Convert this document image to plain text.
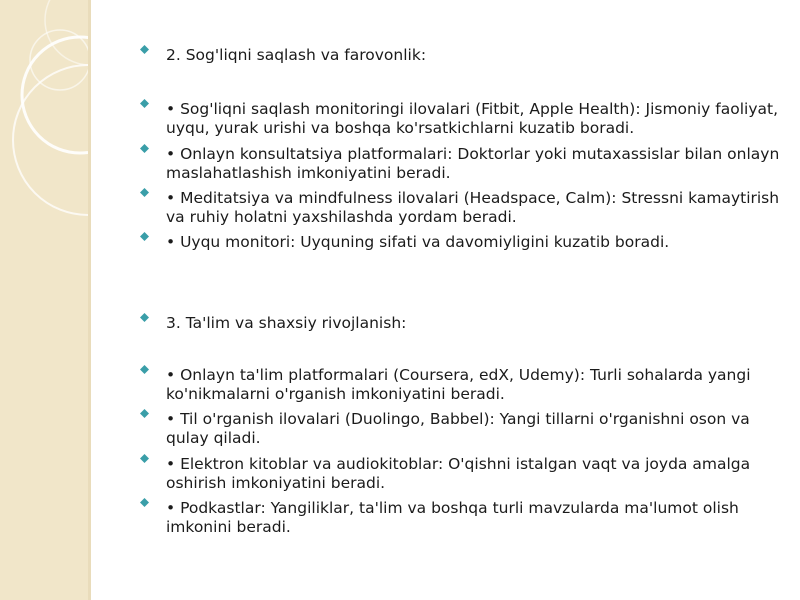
2. Sog'liqni saqlash va farovonlik:
• Sog'liqni saqlash monitoringi ilovalari (Fitbit, Apple Health): Jismoniy faoliyat, uyqu, yurak urishi va boshqa ko'rsatkichlarni kuzatib boradi.
• Onlayn konsultatsiya platformalari: Doktorlar yoki mutaxassislar bilan onlayn maslahatlashish imkoniyatini beradi.
• Meditatsiya va mindfulness ilovalari (Headspace, Calm): Stressni kamaytirish va ruhiy holatni yaxshilashda yordam beradi.
• Uyqu monitori: Uyquning sifati va davomiyligini kuzatib boradi.
3. Ta'lim va shaxsiy rivojlanish:
• Onlayn ta'lim platformalari (Coursera, edX, Udemy): Turli sohalarda yangi ko'nikmalarni o'rganish imkoniyatini beradi.
• Til o'rganish ilovalari (Duolingo, Babbel): Yangi tillarni o'rganishni oson va qulay qiladi.
• Elektron kitoblar va audiokitoblar: O'qishni istalgan vaqt va joyda amalga oshirish imkoniyatini beradi.
• Podkastlar: Yangiliklar, ta'lim va boshqa turli mavzularda ma'lumot olish imkonini beradi.
